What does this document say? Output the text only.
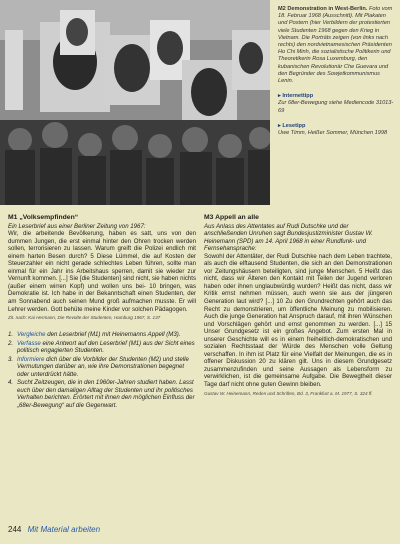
M2 Demonstration in West-Berlin. Foto vom 18. Februar 1968 (Ausschnitt). Mit Plakaten und Postern (hier Verbildern der protestierten viele Studenten 1968 gegen den Krieg in Vietnam. Die Porträts zeigen (von links nach rechts) den nordvietnamesischen Präsidenten Ho Chi Minh, die sozialistische Politikerin und Theoretikerin Rosa Luxemburg, den kubanischen Revolutionär Che Guevara und den Begründer des Sowjetkommunismus Lenin.
▸ Internettipp
Zur 68er-Bewegung siehe Mediencode 31013-69
▸ Lesetipp
Uwe Timm, Heißer Sommer, München 1998
M1 „Volksempfinden“
Ein Leserbrief aus einer Berliner Zeitung von 1967:
Wir, die arbeitende Bevölkerung, haben es satt, uns von den dummen Jungen, die erst einmal hinter den Ohren trocken werden sollen, terrorisieren zu lassen. Warum greift die Polizei endlich mit einem harten Besen durch? 5 Diese Lümmel, die auf Kosten der Steuerzahler ein nicht gerade schlechtes Leben führen, sollte man einmal für ein Jahr ins Arbeitshaus sperren, damit sie wieder zur Vernunft kommen. [...] Sie [die Studenten] sind nicht, sie haben nichts (außer einem wirren Kopf) und wollen uns bei- 10 bringen, was Demokratie ist. Ich habe in der Bekanntschaft einen Studenten, der am Sonnabend auch seinen Mund groß aufmachen musste. Er will Lehrer werden. Gott behüte meine Kinder vor solchen Pädagogen.
Zit. nach: Kai Hermann, Die Revolte der Studenten, Hamburg 1967, S. 137
1. Vergleiche den Leserbrief (M1) mit Heinemanns Appell (M3).
2. Verfasse eine Antwort auf den Leserbrief (M1) aus der Sicht eines politisch engagierten Studenten.
3. Informiere dich über die Vorbilder der Studenten (M2) und stelle Vermutungen darüber an, wie ihre Demonstrationen begegnet oder unterdrückt hätte.
4. Sucht Zeitzeugen, die in den 1960er-Jahren studiert haben. Lasst euch über den damaligen Alltag der Studenten und ihr politisches Verhalten berichten. Erörtert mit ihnen den möglichen Einfluss der „68er-Bewegung“ auf die Gegenwart.
M3 Appell an alle
Aus Anlass des Attentates auf Rudi Dutschke und der anschließenden Unruhen sagt Bundesjustizminister Gustav W. Heinemann (SPD) am 14. April 1968 in einer Rundfunk- und Fernsehansprache:
Sowohl der Attentäter, der Rudi Dutschke nach dem Leben trachtete, als auch die elftausend Studenten, die sich an den Demonstrationen vor Zeitungshäusern beteiligten, sind junge Menschen. 5 Heißt das nicht, dass wir Älteren den Kontakt mit Teilen der Jugend verloren haben oder ihnen unglaubwürdig wurden? Heißt das nicht, dass wir Kritik ernst nehmen müssen, auch wenn sie aus der jüngeren Generation laut wird? [...] 10 Zu den Grundrechten gehört auch das Recht zu demonstrieren, um öffentliche Meinung zu mobilisieren. Auch die junge Generation hat Anspruch darauf, mit ihren Wünschen und Vorschlägen gehört und ernst genommen zu werden. [...] 15 Unser Grundgesetz ist ein großes Angebot. Zum ersten Mal in unserer Geschichte will es in einem freiheitlich-demokratischen und sozialen Rechtsstaat der Würde des Menschen volle Geltung verschaffen. In ihm ist Platz für eine Vielfalt der Meinungen, die es in offener Diskussion 20 zu klären gilt. Uns in diesem Grundgesetz zusammenzufinden und seine Aussagen als Lebensform zu verwirklichen, ist die gemeinsame Aufgabe. Die Bewegtheit dieser Tage darf nicht ohne guten Gewinn bleiben.
Gustav W. Heinemann, Reden und Schriften, Bd. 3, Frankfurt a. M. 1977, S. 324 ff.
244 Mit Material arbeiten
